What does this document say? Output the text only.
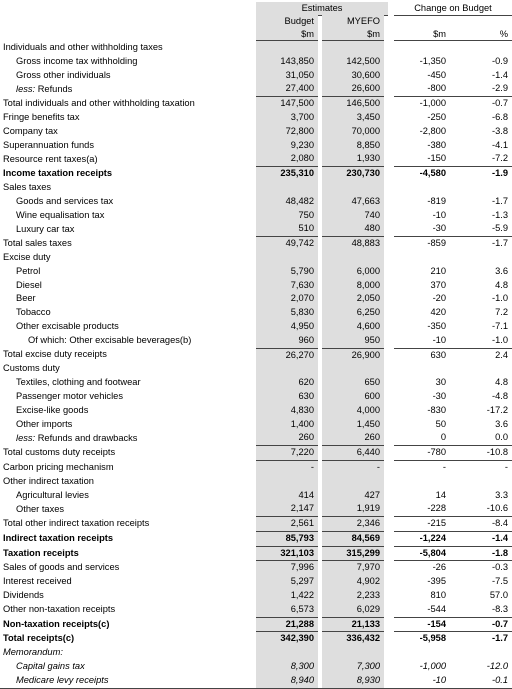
Estimates	Change on Budget
Budget	MYEFO
$m	$m	$m	%
Individuals and other withholding taxes						
Gross income tax withholding	143,850		142,500		-1,350	-0.9
Gross other individuals	31,050		30,600		-450	-1.4
less: Refunds	27,400		26,600		-800	-2.9
Total individuals and other withholding taxation	147,500		146,500		-1,000	-0.7
Fringe benefits tax	3,700		3,450		-250	-6.8
Company tax	72,800		70,000		-2,800	-3.8
Superannuation funds	9,230		8,850		-380	-4.1
Resource rent taxes(a)	2,080		1,930		-150	-7.2
Income taxation receipts	235,310		230,730		-4,580	-1.9
Sales taxes						
Goods and services tax	48,482		47,663		-819	-1.7
Wine equalisation tax	750		740		-10	-1.3
Luxury car tax	510		480		-30	-5.9
Total sales taxes	49,742		48,883		-859	-1.7
Excise duty						
Petrol	5,790		6,000		210	3.6
Diesel	7,630		8,000		370	4.8
Beer	2,070		2,050		-20	-1.0
Tobacco	5,830		6,250		420	7.2
Other excisable products	4,950		4,600		-350	-7.1
Of which: Other excisable beverages(b)	960		950		-10	-1.0
Total excise duty receipts	26,270		26,900		630	2.4
Customs duty						
Textiles, clothing and footwear	620		650		30	4.8
Passenger motor vehicles	630		600		-30	-4.8
Excise-like goods	4,830		4,000		-830	-17.2
Other imports	1,400		1,450		50	3.6
less: Refunds and drawbacks	260		260		0	0.0
Total customs duty receipts	7,220		6,440		-780	-10.8
Carbon pricing mechanism	-		-		-	-
Other indirect taxation						
Agricultural levies	414		427		14	3.3
Other taxes	2,147		1,919		-228	-10.6
Total other indirect taxation receipts	2,561		2,346		-215	-8.4
Indirect taxation receipts	85,793		84,569		-1,224	-1.4
Taxation receipts	321,103		315,299		-5,804	-1.8
Sales of goods and services	7,996		7,970		-26	-0.3
Interest received	5,297		4,902		-395	-7.5
Dividends	1,422		2,233		810	57.0
Other non-taxation receipts	6,573		6,029		-544	-8.3
Non-taxation receipts(c)	21,288		21,133		-154	-0.7
Total receipts(c)	342,390		336,432		-5,958	-1.7
Memorandum:						
Capital gains tax	8,300		7,300		-1,000	-12.0
Medicare levy receipts	8,940		8,930		-10	-0.1
